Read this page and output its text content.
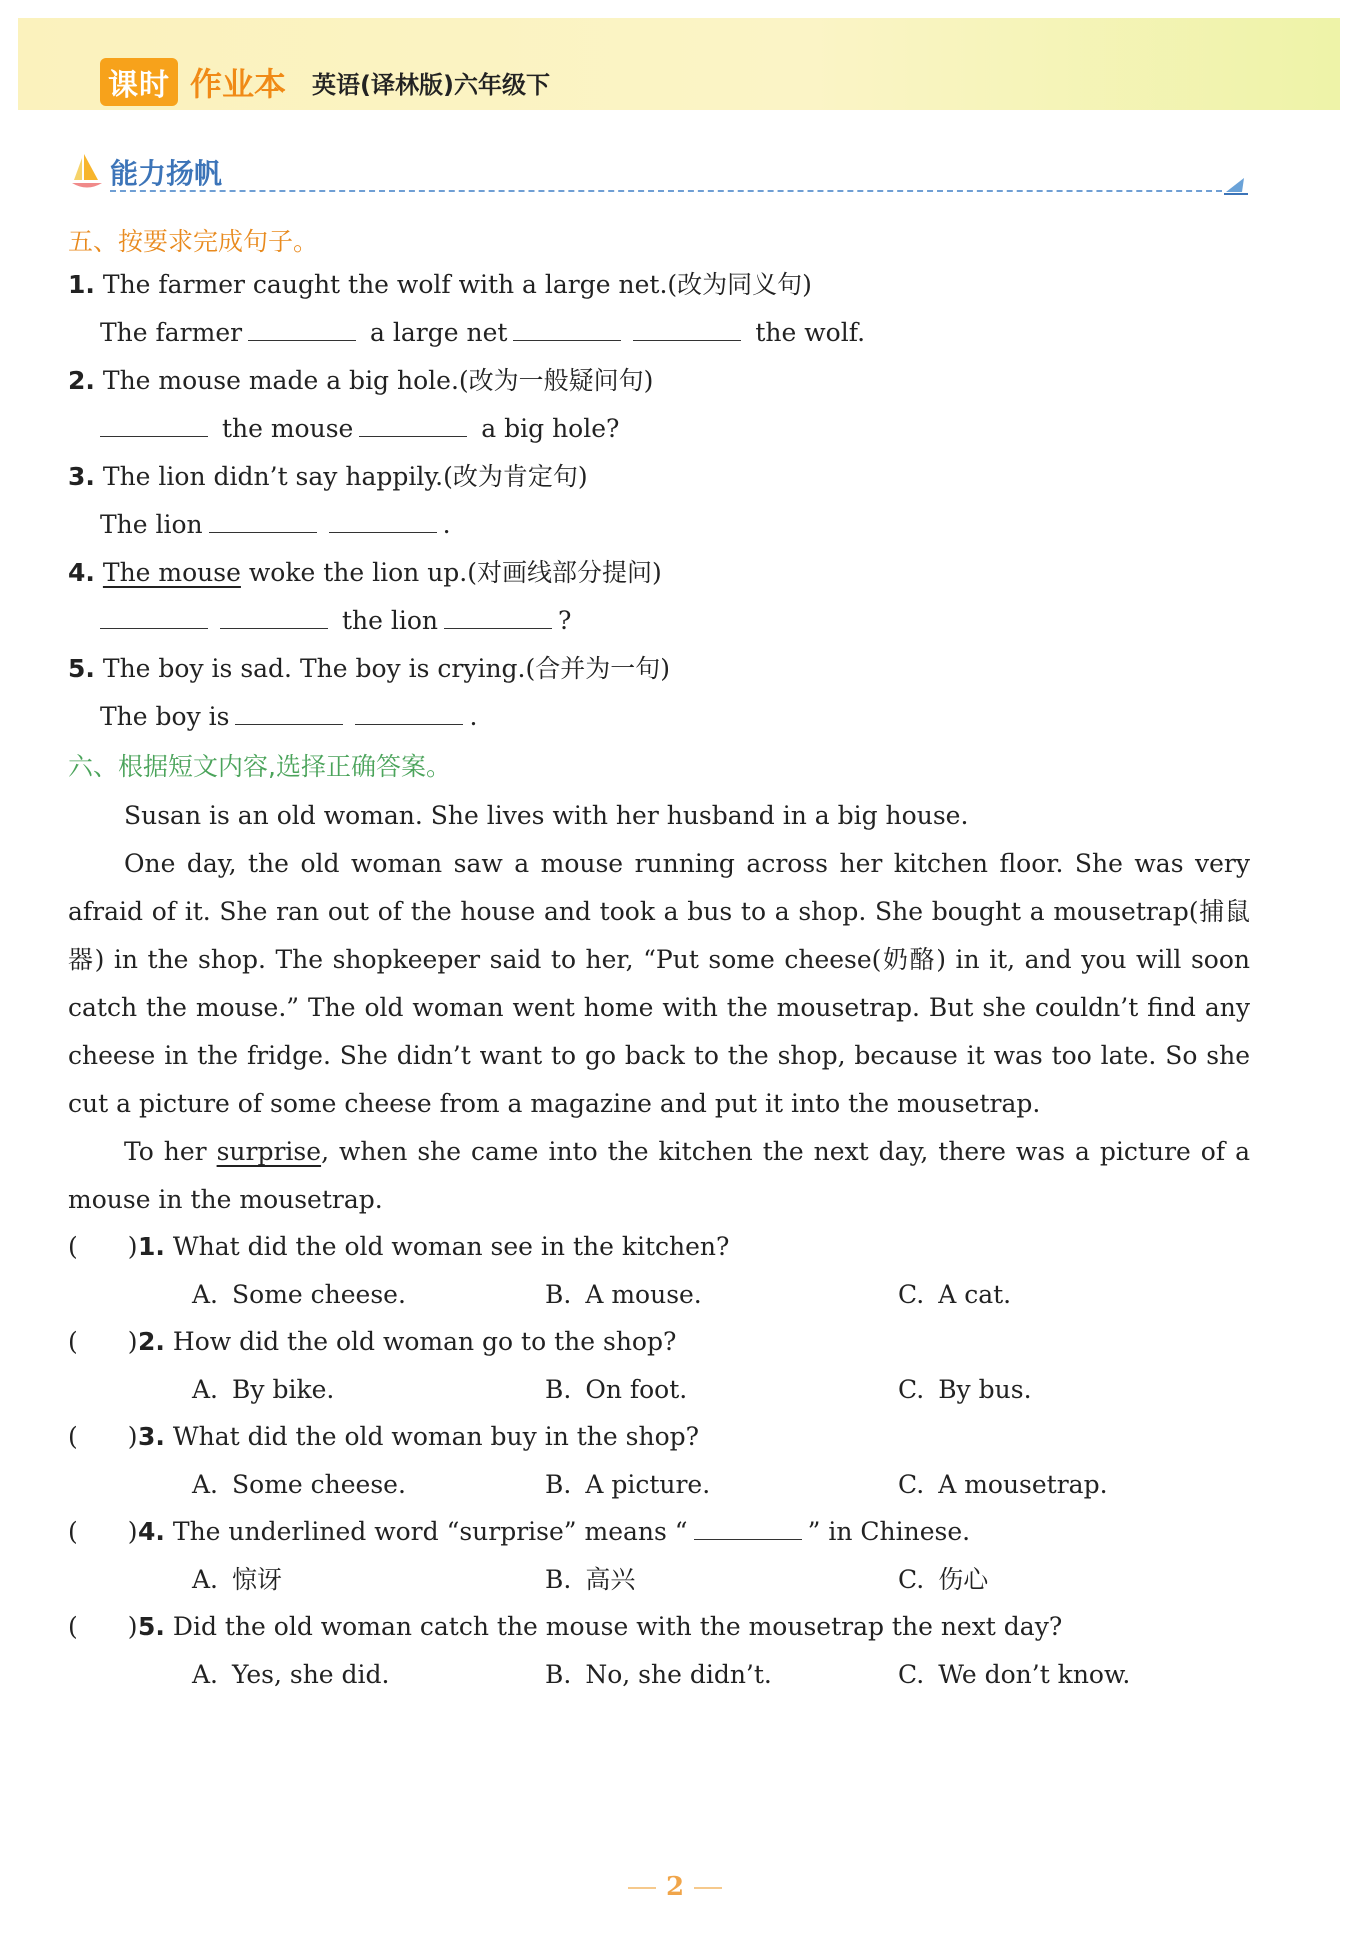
课时 作业本 英语(译林版)六年级下
能力扬帆
五、按要求完成句子。
1. The farmer caught the wolf with a large net.(改为同义句)
The farmer	a large net	the wolf.
2. The mouse made a big hole.(改为一般疑问句)
the mouse	a big hole?
3. The lion didn’t say happily.(改为肯定句)
The lion	.
4. The mouse woke the lion up.(对画线部分提问)
the lion	?
5. The boy is sad. The boy is crying.(合并为一句)
The boy is	.
六、根据短文内容,选择正确答案。

Susan is an old woman. She lives with her husband in a big house.

One day, the old woman saw a mouse running across her kitchen floor. She was very afraid of it. She ran out of the house and took a bus to a shop. She bought a mousetrap(捕鼠器) in the shop. The shopkeeper said to her, “Put some cheese(奶酪) in it, and you will soon catch the mouse.” The old woman went home with the mousetrap. But she couldn’t find any cheese in the fridge. She didn’t want to go back to the shop, because it was too late. So she cut a picture of some cheese from a magazine and put it into the mousetrap.

To her surprise, when she came into the kitchen the next day, there was a picture of a mouse in the mousetrap.

(　　)1. What did the old woman see in the kitchen?
A. Some cheese.	B. A mouse.	C. A cat.
(　　)2. How did the old woman go to the shop?
A. By bike.	B. On foot.	C. By bus.
(　　)3. What did the old woman buy in the shop?
A. Some cheese.	B. A picture.	C. A mousetrap.
(　　)4. The underlined word “surprise” means “	” in Chinese.
A. 惊讶	B. 高兴	C. 伤心
(　　)5. Did the old woman catch the mouse with the mousetrap the next day?
A. Yes, she did.	B. No, she didn’t.	C. We don’t know.
2
